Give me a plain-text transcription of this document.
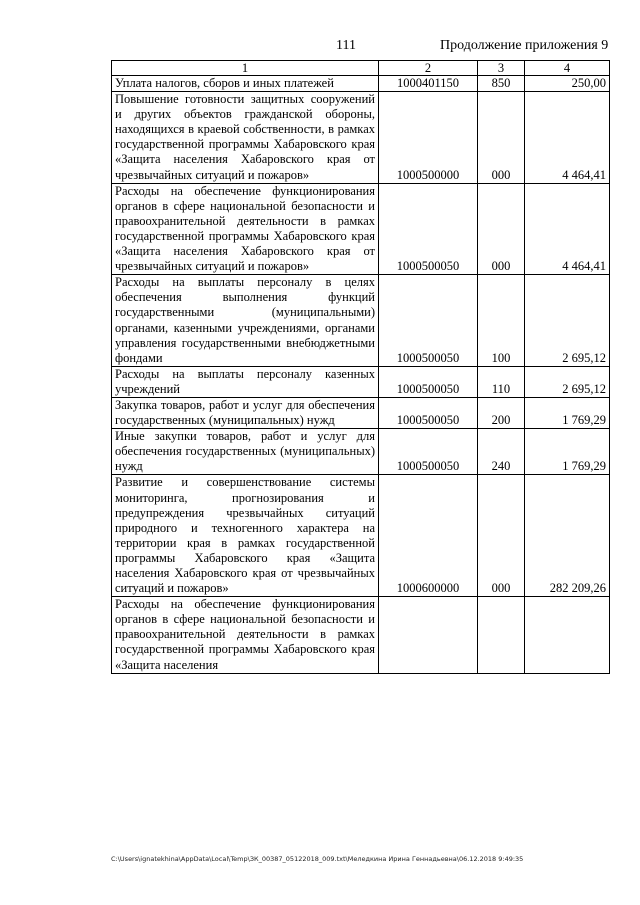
111	Продолжение приложения 9
1	2	3	4
Уплата налогов, сборов и иных платежей	1000401150	850	250,00
Повышение готовности защитных сооружений и других объектов гражданской обороны, находящихся в краевой собственности, в рамках государственной программы Хабаровского края «Защита населения Хабаровского края от чрезвычайных ситуаций и пожаров»	1000500000	000	4 464,41
Расходы на обеспечение функционирования органов в сфере национальной безопасности и правоохранительной деятельности в рамках государственной программы Хабаровского края «Защита населения Хабаровского края от чрезвычайных ситуаций и пожаров»	1000500050	000	4 464,41
Расходы на выплаты персоналу в целях обеспечения выполнения функций государственными (муниципальными) органами, казенными учреждениями, органами управления государственными внебюджетными фондами	1000500050	100	2 695,12
Расходы на выплаты персоналу казенных учреждений	1000500050	110	2 695,12
Закупка товаров, работ и услуг для обеспечения государственных (муниципальных) нужд	1000500050	200	1 769,29
Иные закупки товаров, работ и услуг для обеспечения государственных (муниципальных) нужд	1000500050	240	1 769,29
Развитие и совершенствование системы мониторинга, прогнозирования и предупреждения чрезвычайных ситуаций природного и техногенного характера на территории края в рамках государственной программы Хабаровского края «Защита населения Хабаровского края от чрезвычайных ситуаций и пожаров»	1000600000	000	282 209,26
Расходы на обеспечение функционирования органов в сфере национальной безопасности и правоохранительной деятельности в рамках государственной программы Хабаровского края «Защита населения			
C:\Users\ignatekhina\AppData\Local\Temp\ЗК_00387_05122018_009.txt\Меледкина Ирина Геннадьевна\06.12.2018 9:49:35
